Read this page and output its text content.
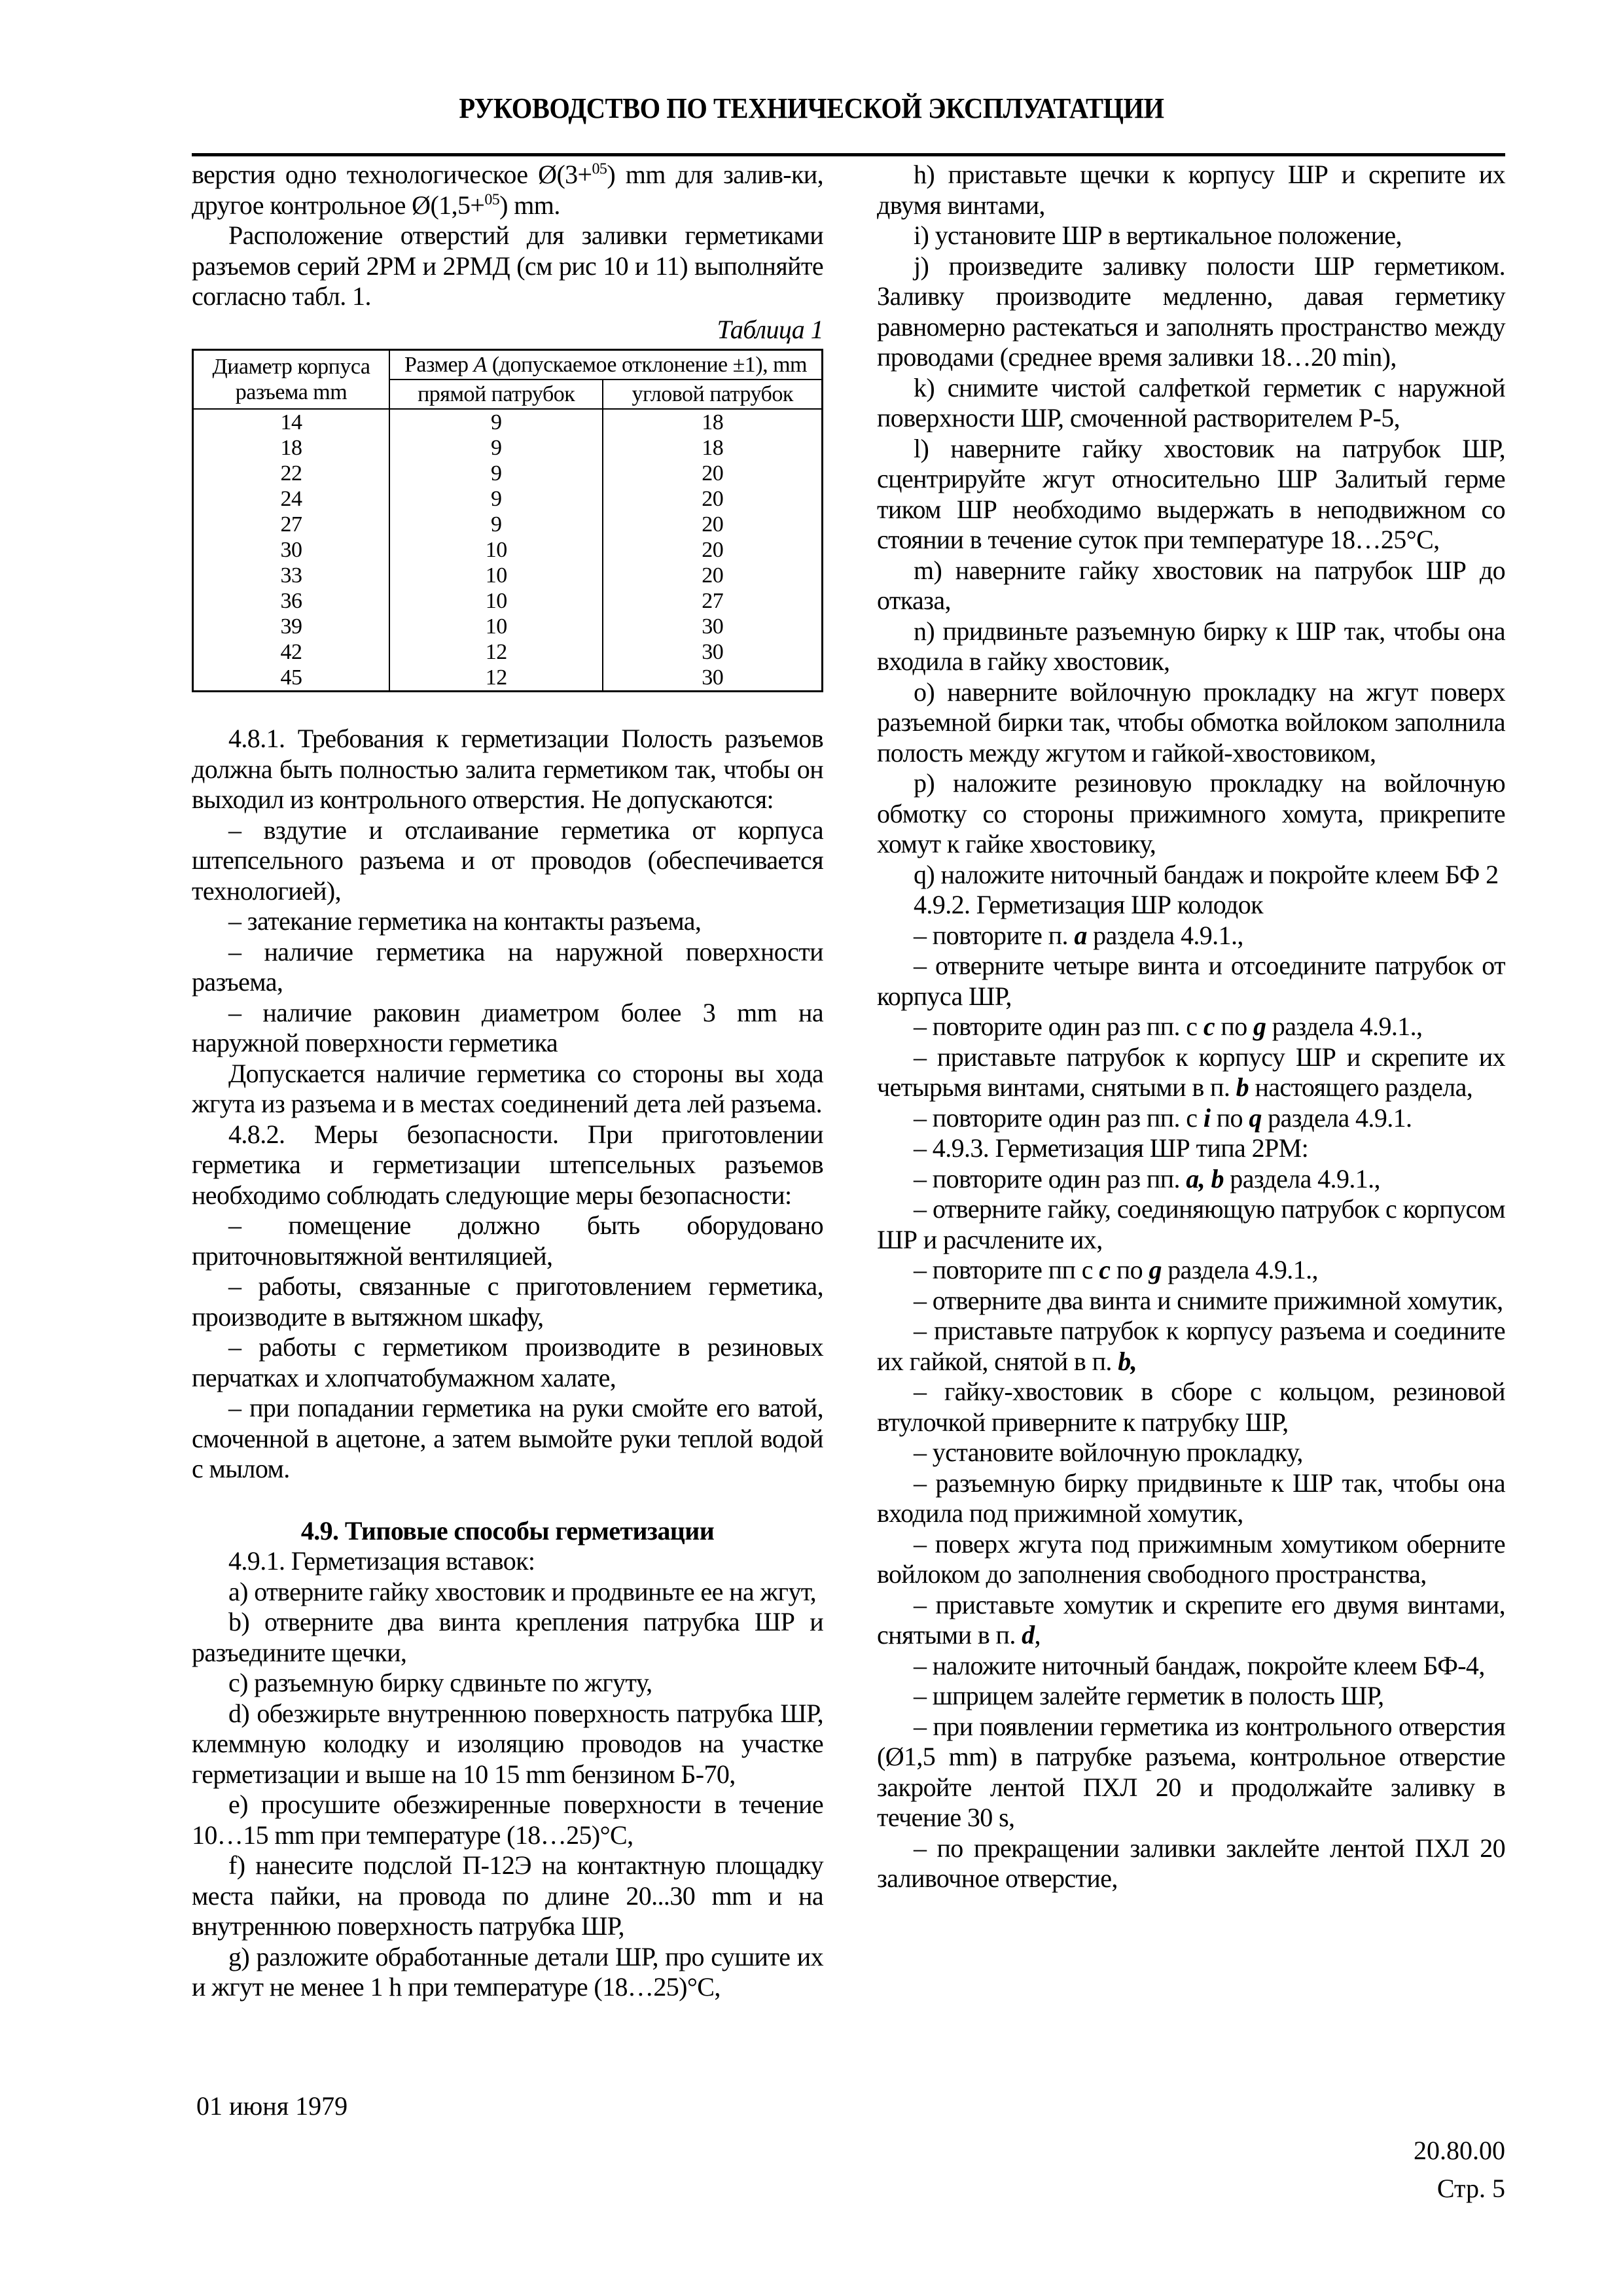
РУКОВОДСТВО ПО ТЕХНИЧЕСКОЙ ЭКСПЛУАТАТЦИИ

верстия одно технологическое Ø(3+$^{05}$) mm для залив-ки, другое контрольное Ø(1,5+$^{05}$) mm.

Расположение отверстий для заливки герметиками разъемов серий 2РМ и 2РМД (см рис 10 и 11) выполняйте согласно табл. 1.

Таблица 1

Диаметр корпуса разъема mm	Размер A (допускаемое отклонение ±1), mm	
	прямой патрубок	угловой патрубок
14	9	18
18	9	18
22	9	20
24	9	20
27	9	20
30	10	20
33	10	20
36	10	27
39	10	30
42	12	30
45	12	30

4.8.1. Требования к герметизации Полость разъемов должна быть полностью залита герметиком так, чтобы он выходил из контрольного отверстия. Не допускаются:

– вздутие и отслаивание герметика от корпуса штепсельного разъема и от проводов (обеспечивается технологией),

– затекание герметика на контакты разъема,

– наличие герметика на наружной поверхности разъема,

– наличие раковин диаметром более 3 mm на наружной поверхности герметика

Допускается наличие герметика со стороны вы хода жгута из разъема и в местах соединений дета лей разъема.

4.8.2. Меры безопасности. При приготовлении герметика и герметизации штепсельных разъемов необходимо соблюдать следующие меры безопасности:

– помещение должно быть оборудовано приточновытяжной вентиляцией,

– работы, связанные с приготовлением герметика, производите в вытяжном шкафу,

– работы с герметиком производите в резиновых перчатках и хлопчатобумажном халате,

– при попадании герметика на руки смойте его ватой, смоченной в ацетоне, а затем вымойте руки теплой водой с мылом.

4.9. Типовые способы герметизации

4.9.1. Герметизация вставок:

a) отверните гайку хвостовик и продвиньте ее на жгут,

b) отверните два винта крепления патрубка ШР и разъедините щечки,

c) разъемную бирку сдвиньте по жгуту,

d) обезжирьте внутреннюю поверхность патрубка ШР, клеммную колодку и изоляцию проводов на участке герметизации и выше на 10 15 mm бензином Б-70,

e) просушите обезжиренные поверхности в течение 10…15 mm при температуре (18…25)°C,

f) нанесите подслой П-12Э на контактную площадку места пайки, на провода по длине 20...30 mm и на внутреннюю поверхность патрубка ШР,

g) разложите обработанные детали ШР, про сушите их и жгут не менее 1 h при температуре (18…25)°C,

h) приставьте щечки к корпусу ШР и скрепите их двумя винтами,

i) установите ШР в вертикальное положение,

j) произведите заливку полости ШР герметиком. Заливку производите медленно, давая герметику равномерно растекаться и заполнять пространство между проводами (среднее время заливки 18…20 min),

k) снимите чистой салфеткой герметик с наружной поверхности ШР, смоченной растворителем Р-5,

l) наверните гайку хвостовик на патрубок ШР, сцентрируйте жгут относительно ШР Залитый герме тиком ШР необходимо выдержать в неподвижном со стоянии в течение суток при температуре 18…25°C,

m) наверните гайку хвостовик на патрубок ШР до отказа,

n) придвиньте разъемную бирку к ШР так, чтобы она входила в гайку хвостовик,

o) наверните войлочную прокладку на жгут поверх разъемной бирки так, чтобы обмотка войлоком заполнила полость между жгутом и гайкой-хвостовиком,

p) наложите резиновую прокладку на войлочную обмотку со стороны прижимного хомута, прикрепите хомут к гайке хвостовику,

q) наложите ниточный бандаж и покройте клеем БФ 2

4.9.2. Герметизация ШР колодок

– повторите п. a раздела 4.9.1.,

– отверните четыре винта и отсоедините патрубок от корпуса ШР,

– повторите один раз пп. с c по g раздела 4.9.1.,

– приставьте патрубок к корпусу ШР и скрепите их четырьмя винтами, снятыми в п. b настоящего раздела,

– повторите один раз пп. с i по q раздела 4.9.1.

– 4.9.3. Герметизация ШР типа 2РМ:

– повторите один раз пп. a, b раздела 4.9.1.,

– отверните гайку, соединяющую патрубок с корпусом ШР и расчлените их,

– повторите пп с c по g раздела 4.9.1.,

– отверните два винта и снимите прижимной хомутик,

– приставьте патрубок к корпусу разъема и соедините их гайкой, снятой в п. b,

– гайку-хвостовик в сборе с кольцом, резиновой втулочкой приверните к патрубку ШР,

– установите войлочную прокладку,

– разъемную бирку придвиньте к ШР так, чтобы она входила под прижимной хомутик,

– поверх жгута под прижимным хомутиком оберните войлоком до заполнения свободного пространства,

– приставьте хомутик и скрепите его двумя винтами, снятыми в п. d,

– наложите ниточный бандаж, покройте клеем БФ-4,

– шприцем залейте герметик в полость ШР,

– при появлении герметика из контрольного отверстия (Ø1,5 mm) в патрубке разъема, контрольное отверстие закройте лентой ПХЛ 20 и продолжайте заливку в течение 30 s,

– по прекращении заливки заклейте лентой ПХЛ 20 заливочное отверстие,

01 июня 1979
20.80.00
Стр. 5
